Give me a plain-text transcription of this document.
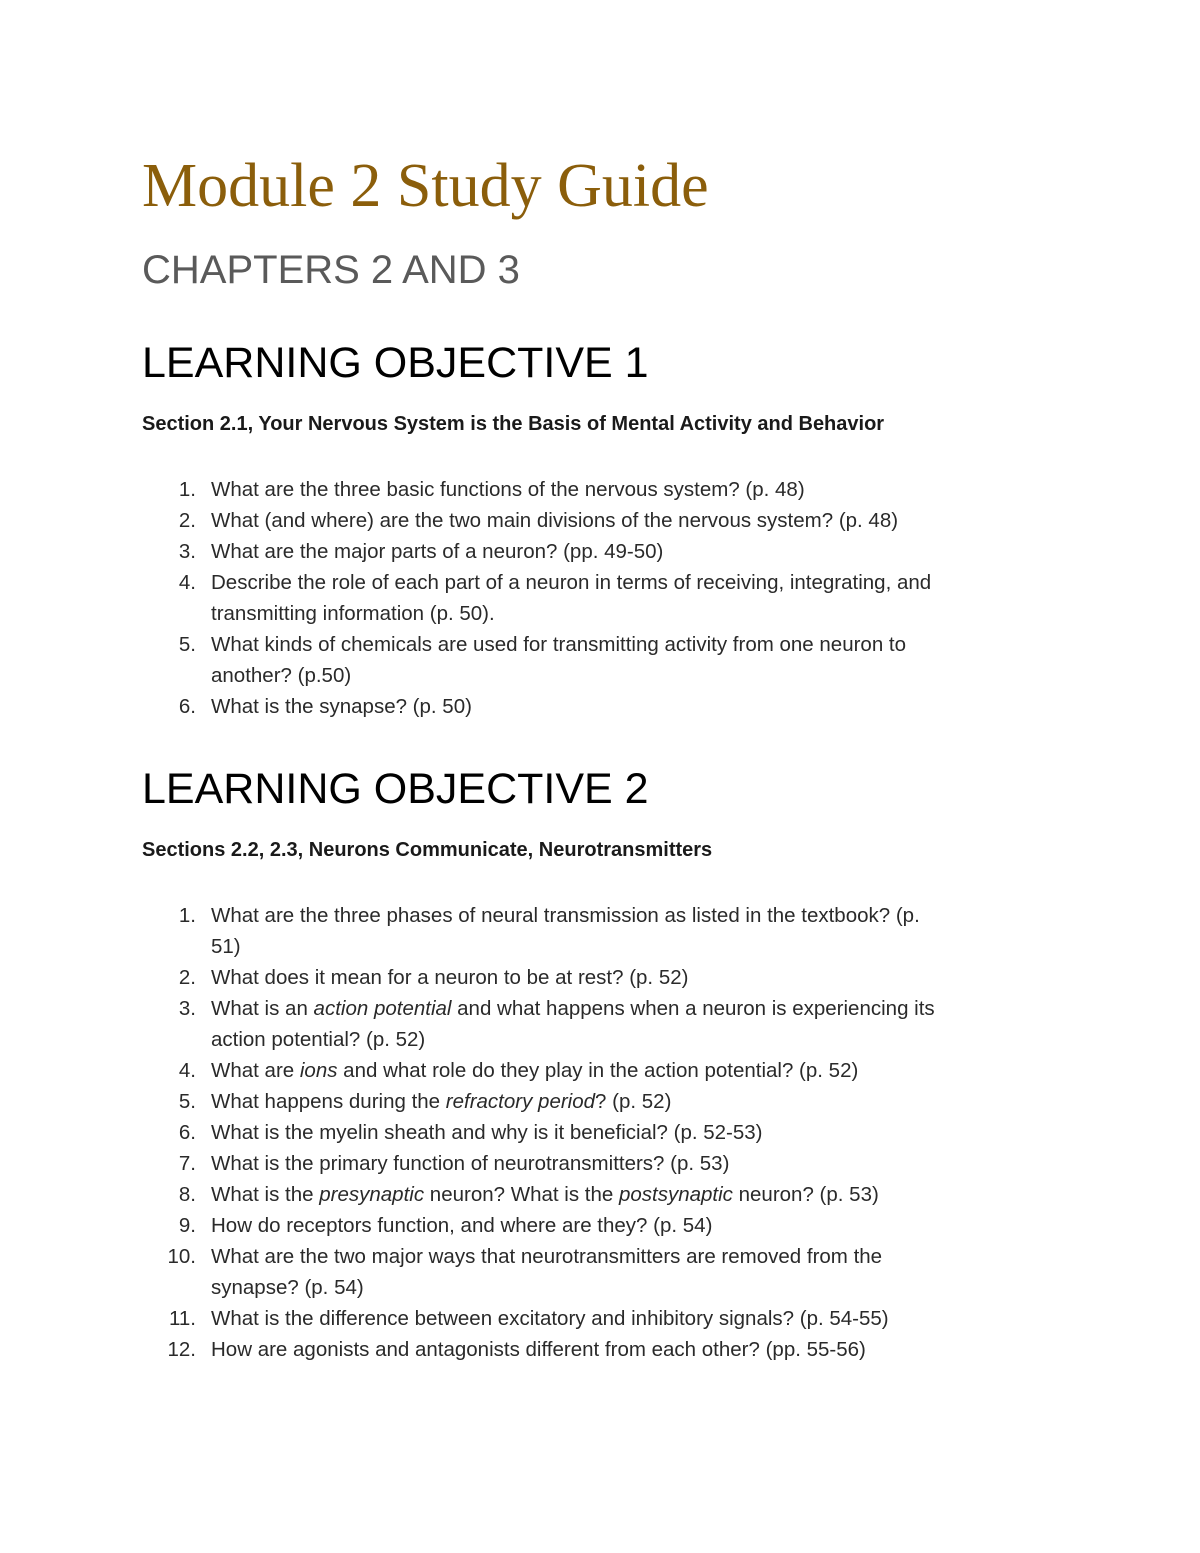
Module 2 Study Guide
CHAPTERS 2 AND 3
LEARNING OBJECTIVE 1
Section 2.1, Your Nervous System is the Basis of Mental Activity and Behavior
1. What are the three basic functions of the nervous system? (p. 48)
2. What (and where) are the two main divisions of the nervous system? (p. 48)
3. What are the major parts of a neuron? (pp. 49-50)
4. Describe the role of each part of a neuron in terms of receiving, integrating, and
transmitting information (p. 50).
5. What kinds of chemicals are used for transmitting activity from one neuron to
another? (p.50)
6. What is the synapse? (p. 50)
LEARNING OBJECTIVE 2
Sections 2.2, 2.3, Neurons Communicate, Neurotransmitters
1. What are the three phases of neural transmission as listed in the textbook? (p.
51)
2. What does it mean for a neuron to be at rest? (p. 52)
3. What is an action potential and what happens when a neuron is experiencing its
action potential? (p. 52)
4. What are ions and what role do they play in the action potential? (p. 52)
5. What happens during the refractory period? (p. 52)
6. What is the myelin sheath and why is it beneficial? (p. 52-53)
7. What is the primary function of neurotransmitters? (p. 53)
8. What is the presynaptic neuron? What is the postsynaptic neuron? (p. 53)
9. How do receptors function, and where are they? (p. 54)
10. What are the two major ways that neurotransmitters are removed from the
synapse? (p. 54)
11. What is the difference between excitatory and inhibitory signals? (p. 54-55)
12. How are agonists and antagonists different from each other? (pp. 55-56)
